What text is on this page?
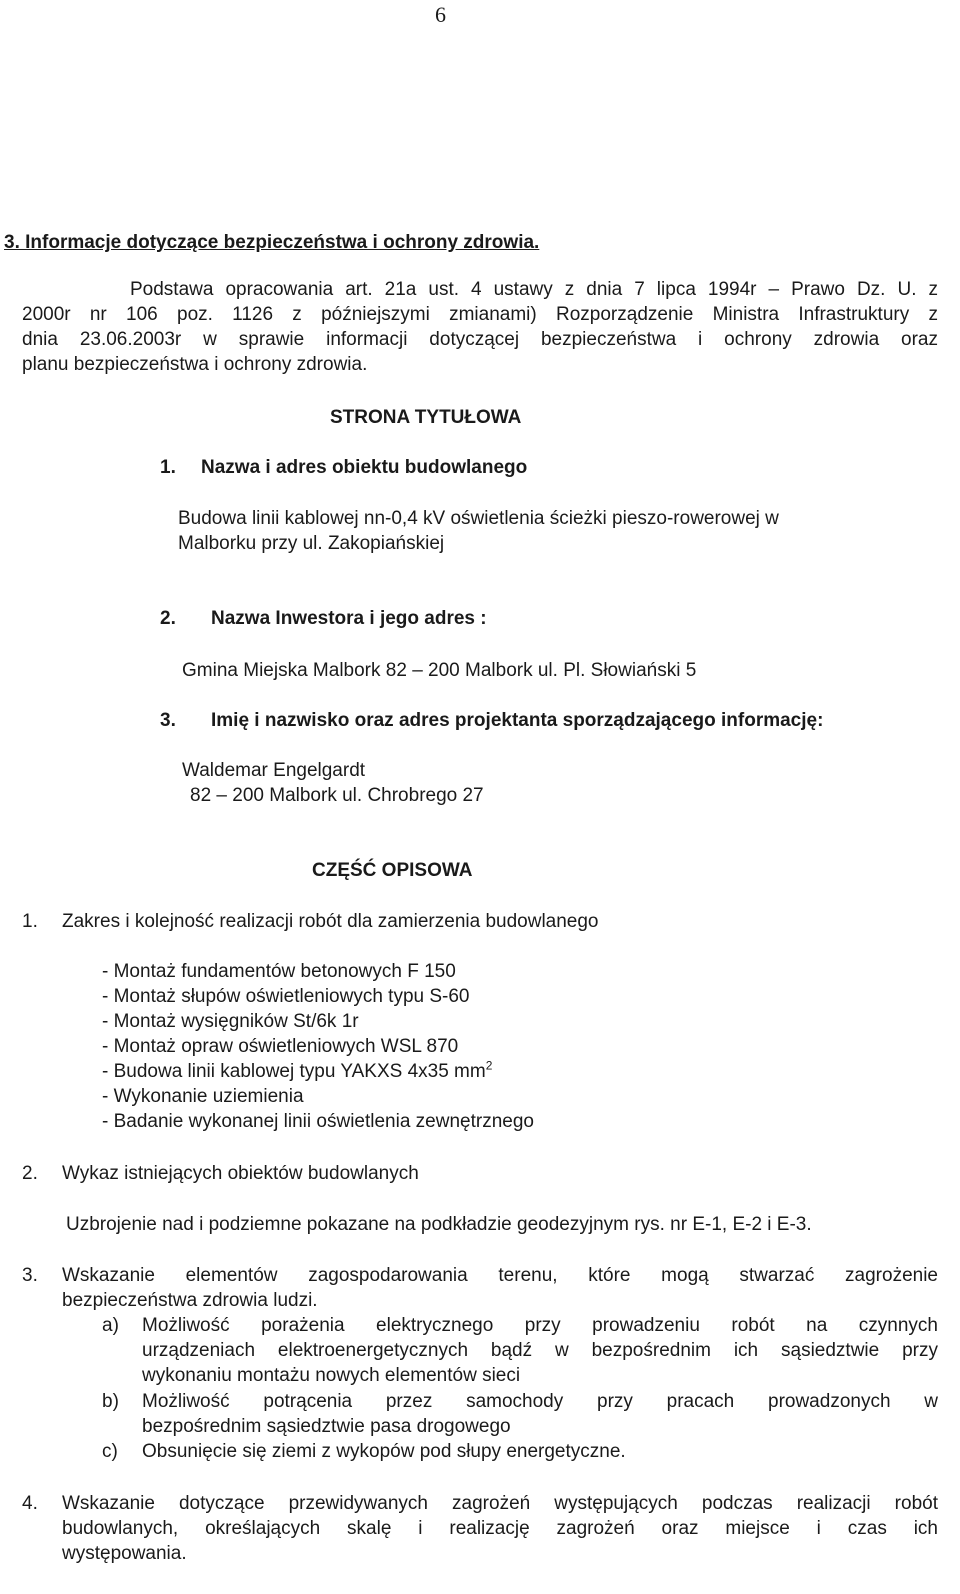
6
3. Informacje dotyczące bezpieczeństwa i ochrony zdrowia.
Podstawa opracowania art. 21a ust. 4 ustawy z dnia 7 lipca 1994r – Prawo Dz. U. z
2000r nr 106 poz. 1126 z późniejszymi zmianami) Rozporządzenie Ministra Infrastruktury z
dnia 23.06.2003r w sprawie informacji dotyczącej bezpieczeństwa i ochrony zdrowia oraz
planu bezpieczeństwa i ochrony zdrowia.
STRONA TYTUŁOWA
1. Nazwa i adres obiektu budowlanego
Budowa linii kablowej nn-0,4 kV oświetlenia ścieżki pieszo-rowerowej w
Malborku przy ul. Zakopiańskiej
2. Nazwa Inwestora i jego adres :
Gmina Miejska Malbork 82 – 200 Malbork ul. Pl. Słowiański 5
3. Imię i nazwisko oraz adres projektanta sporządzającego informację:
Waldemar Engelgardt
82 – 200 Malbork ul. Chrobrego 27
CZĘŚĆ OPISOWA
1. Zakres i kolejność realizacji robót dla zamierzenia budowlanego
- Montaż fundamentów betonowych F 150
- Montaż słupów oświetleniowych typu S-60
- Montaż wysięgników St/6k 1r
- Montaż opraw oświetleniowych WSL 870
- Budowa linii kablowej typu YAKXS 4x35 $mm^2$
- Wykonanie uziemienia
- Badanie wykonanej linii oświetlenia zewnętrznego
2. Wykaz istniejących obiektów budowlanych
Uzbrojenie nad i podziemne pokazane na podkładzie geodezyjnym rys. nr E-1, E-2 i E-3.
3. Wskazanie elementów zagospodarowania terenu, które mogą stwarzać zagrożenie
bezpieczeństwa zdrowia ludzi.
a) Możliwość porażenia elektrycznego przy prowadzeniu robót na czynnych
urządzeniach elektroenergetycznych bądź w bezpośrednim ich sąsiedztwie przy
wykonaniu montażu nowych elementów sieci
b) Możliwość potrącenia przez samochody przy pracach prowadzonych w
bezpośrednim sąsiedztwie pasa drogowego
c) Obsunięcie się ziemi z wykopów pod słupy energetyczne.
4. Wskazanie dotyczące przewidywanych zagrożeń występujących podczas realizacji robót
budowlanych, określających skalę i realizację zagrożeń oraz miejsce i czas ich
występowania.
